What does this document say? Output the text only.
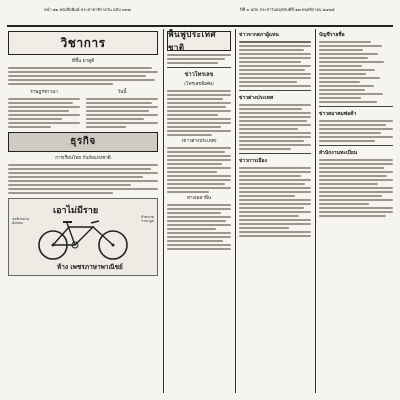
หน้า ๑๒ หนังสือพิมพ์ ประชาชาติรายวัน ฉบับ ๓๓๗	ปีที่ ๓ ฉบับ ประจำวันพฤหัสบดีที่ ๑๗ พฤศจิกายน ๒๔๗๕
วิชาการ
ทีขึ้น มาดูดี
ราษฎรชาวนา	วันนี้
ธุรกิจ
การเรือนไทย กับภัยแห่งชาติ
เอาไม่มีราย
รถจักรยาน อังกฤษ
จำหน่าย ราคาถูก
ห้าง เพชรภาษาพาณิชย์
ฟื้นฟูประเทศชาติ
ข่าวโทรเลข
(โทรเลขพิเศษ)
(ข่าวต่างประเทศ)
ทางเพลาพืน
ข่าวจากสภาผู้แทน
ข่าวต่างประเทศ
ข่าวการเมือง
บัญชีรายชื่อ
ข่าวสมาคมพ่อค้า
สำนักงานทะเบียน
